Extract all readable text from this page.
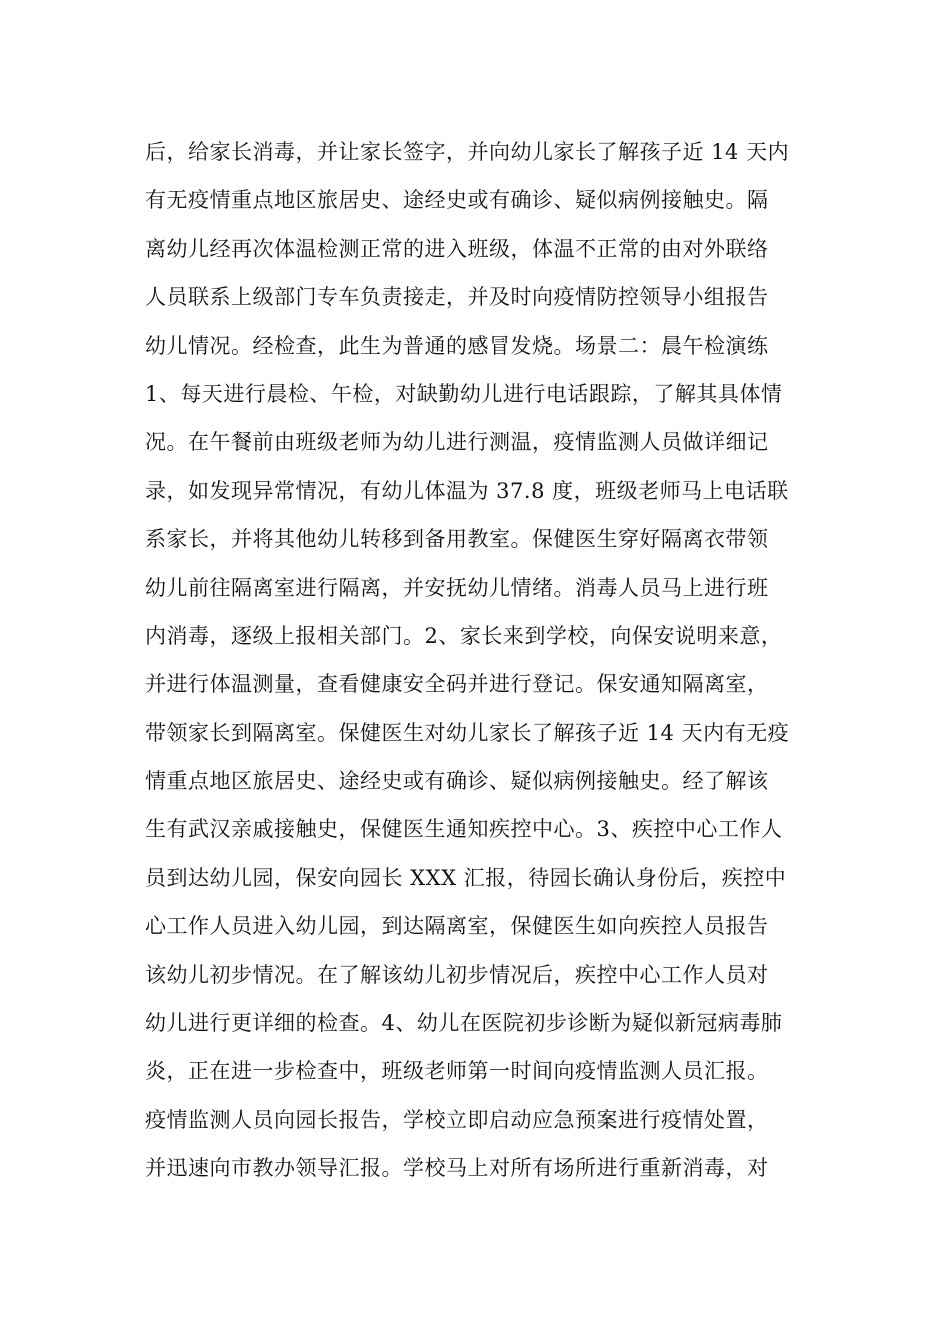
后，给家长消毒，并让家长签字，并向幼儿家长了解孩子近 14 天内
有无疫情重点地区旅居史、途经史或有确诊、疑似病例接触史。隔
离幼儿经再次体温检测正常的进入班级，体温不正常的由对外联络
人员联系上级部门专车负责接走，并及时向疫情防控领导小组报告
幼儿情况。经检查，此生为普通的感冒发烧。场景二：晨午检演练
1、每天进行晨检、午检，对缺勤幼儿进行电话跟踪，了解其具体情
况。在午餐前由班级老师为幼儿进行测温，疫情监测人员做详细记
录，如发现异常情况，有幼儿体温为 37.8 度，班级老师马上电话联
系家长，并将其他幼儿转移到备用教室。保健医生穿好隔离衣带领
幼儿前往隔离室进行隔离，并安抚幼儿情绪。消毒人员马上进行班
内消毒，逐级上报相关部门。2、家长来到学校，向保安说明来意，
并进行体温测量，查看健康安全码并进行登记。保安通知隔离室，
带领家长到隔离室。保健医生对幼儿家长了解孩子近 14 天内有无疫
情重点地区旅居史、途经史或有确诊、疑似病例接触史。经了解该
生有武汉亲戚接触史，保健医生通知疾控中心。3、疾控中心工作人
员到达幼儿园，保安向园长 XXX 汇报，待园长确认身份后，疾控中
心工作人员进入幼儿园，到达隔离室，保健医生如向疾控人员报告
该幼儿初步情况。在了解该幼儿初步情况后，疾控中心工作人员对
幼儿进行更详细的检查。4、幼儿在医院初步诊断为疑似新冠病毒肺
炎，正在进一步检查中，班级老师第一时间向疫情监测人员汇报。
疫情监测人员向园长报告，学校立即启动应急预案进行疫情处置，
并迅速向市教办领导汇报。学校马上对所有场所进行重新消毒，对
